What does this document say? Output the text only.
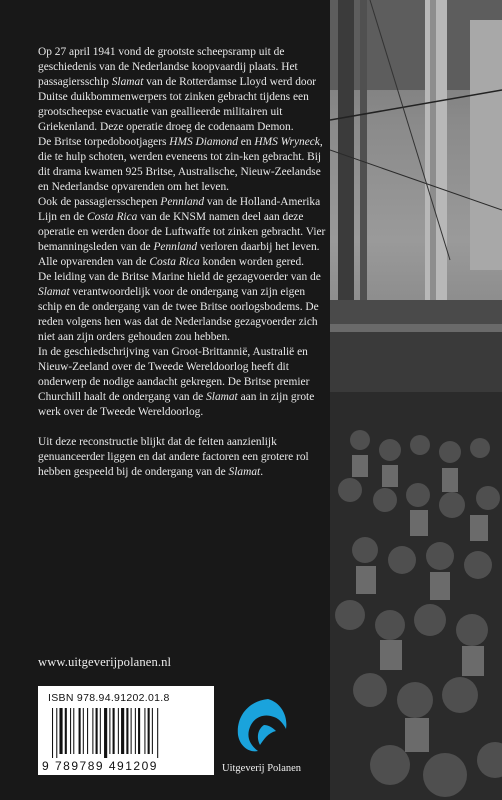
Op 27 april 1941 vond de grootste scheepsramp uit de geschiedenis van de Nederlandse koopvaardij plaats. Het passagiersschip Slamat van de Rotterdamse Lloyd werd door Duitse duikbommenwerpers tot zinken gebracht tijdens een grootscheepse evacuatie van geallieerde militairen uit Griekenland. Deze operatie droeg de codenaam Demon.

De Britse torpedobootjagers HMS Diamond en HMS Wryneck, die te hulp schoten, werden eveneens tot zin-ken gebracht. Bij dit drama kwamen 925 Britse, Australische, Nieuw-Zeelandse en Nederlandse opvarenden om het leven.

Ook de passagiersschepen Pennland van de Holland-Amerika Lijn en de Costa Rica van de KNSM namen deel aan deze operatie en werden door de Luftwaffe tot zinken gebracht. Vier bemanningsleden van de Pennland verloren daarbij het leven. Alle opvarenden van de Costa Rica konden worden gered.

De leiding van de Britse Marine hield de gezagvoerder van de Slamat verantwoordelijk voor de ondergang van zijn eigen schip en de ondergang van de twee Britse oorlogsbodems. De reden volgens hen was dat de Nederlandse gezagvoerder zich niet aan zijn orders gehouden zou hebben.

In de geschiedschrijving van Groot-Brittannië, Australië en Nieuw-Zeeland over de Tweede Wereldoorlog heeft dit onderwerp de nodige aandacht gekregen. De Britse premier Churchill haalt de ondergang van de Slamat aan in zijn grote werk over de Tweede Wereldoorlog.

Uit deze reconstructie blijkt dat de feiten aanzienlijk genuanceerder liggen en dat andere factoren een grotere rol hebben gespeeld bij de ondergang van de Slamat.

www.uitgeverijpolanen.nl
ISBN 978.94.91202.01.8
9 789789 491209	Uitgeverij Polanen
